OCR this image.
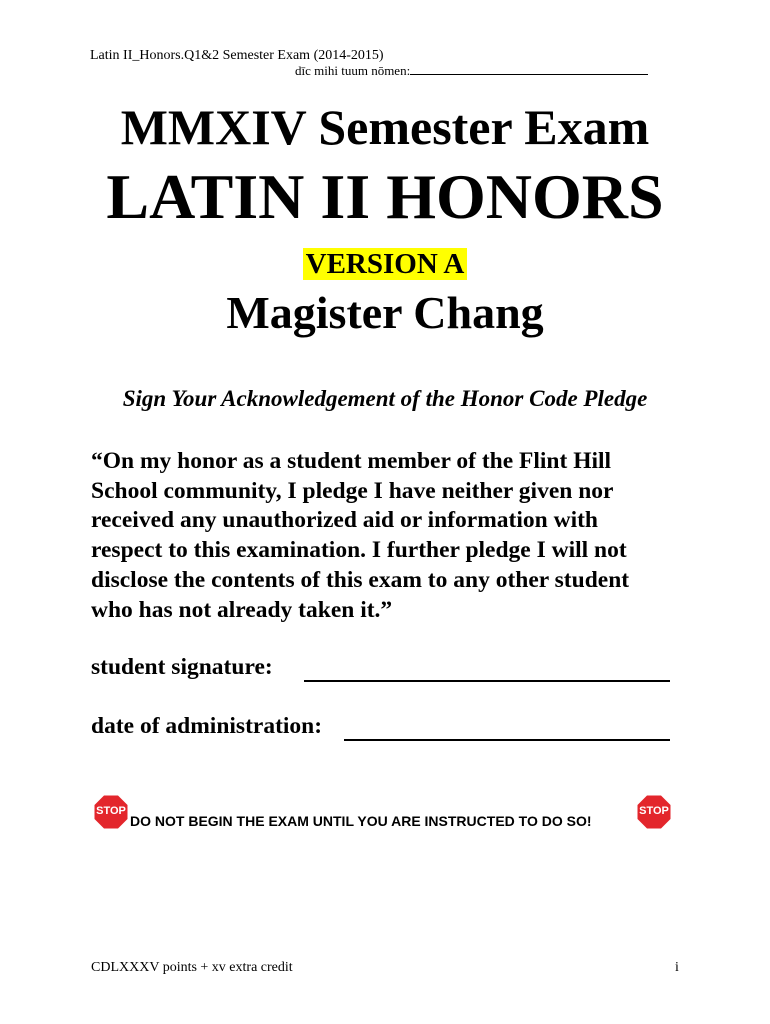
Latin II_Honors.Q1&2 Semester Exam (2014-2015)
dīc mihi tuum nōmen:
MMXIV Semester Exam
LATIN II HONORS
VERSION A
Magister Chang
Sign Your Acknowledgement of the Honor Code Pledge
“On my honor as a student member of the Flint Hill
School community, I pledge I have neither given nor
received any unauthorized aid or information with
respect to this examination. I further pledge I will not
disclose the contents of this exam to any other student
who has not already taken it.”
student signature:
date of administration:
STOP
DO NOT BEGIN THE EXAM UNTIL YOU ARE INSTRUCTED TO DO SO!
STOP
CDLXXXV points + xv extra credit	i
